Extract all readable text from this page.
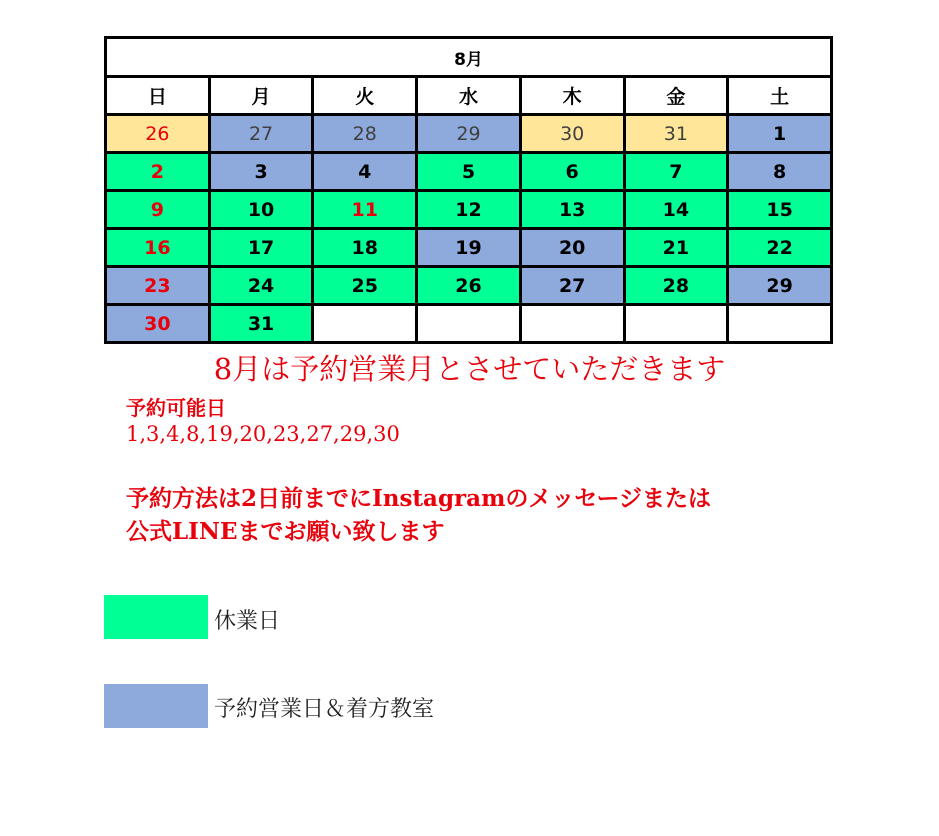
8月						
日	月	火	水	木	金	土
26	27	28	29	30	31	1
2	3	4	5	6	7	8
9	10	11	12	13	14	15
16	17	18	19	20	21	22
23	24	25	26	27	28	29
30	31					
8月は予約営業月とさせていただきます
予約可能日
1,3,4,8,19,20,23,27,29,30
予約方法は2日前までにInstagramのメッセージまたは
公式LINEまでお願い致します
休業日
予約営業日＆着方教室
